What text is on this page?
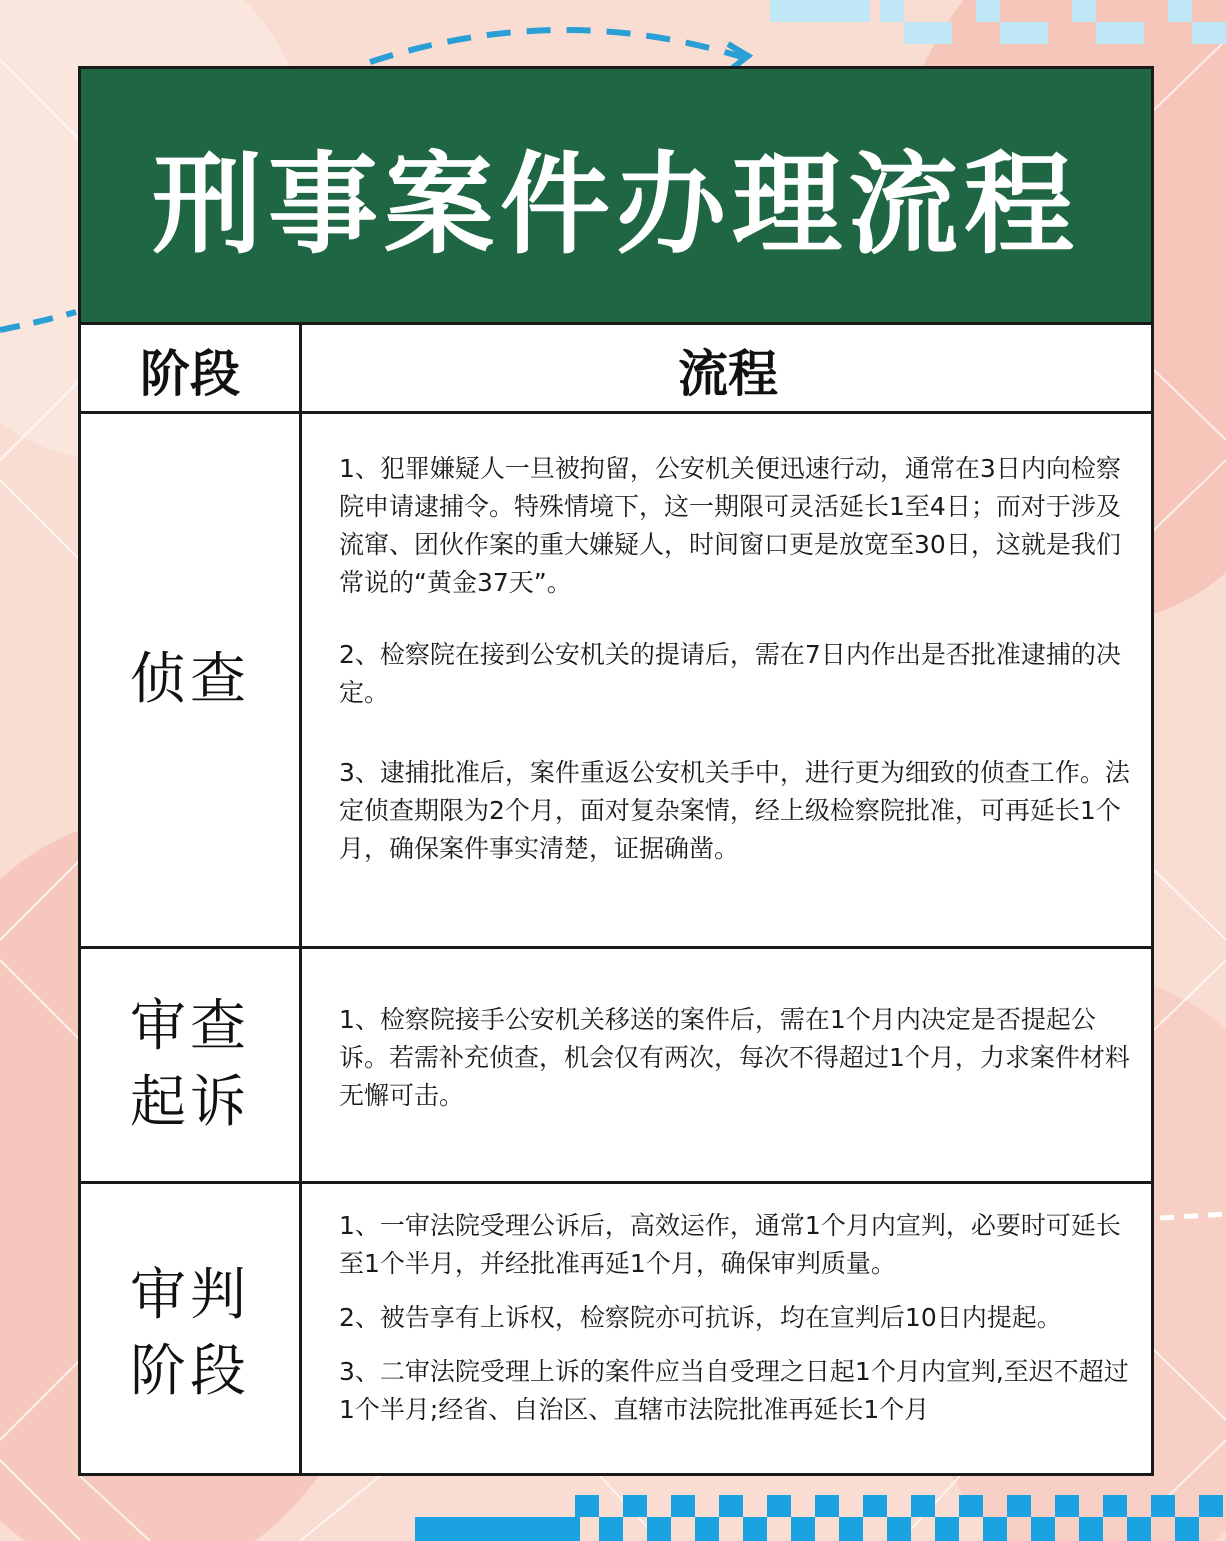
刑事案件办理流程
阶段	流程
侦查

1、犯罪嫌疑人一旦被拘留，公安机关便迅速行动，通常在3日内向检察院申请逮捕令。特殊情境下，这一期限可灵活延长1至4日；而对于涉及流窜、团伙作案的重大嫌疑人，时间窗口更是放宽至30日，这就是我们常说的“黄金37天”。

2、检察院在接到公安机关的提请后，需在7日内作出是否批准逮捕的决定。

3、逮捕批准后，案件重返公安机关手中，进行更为细致的侦查工作。法定侦查期限为2个月，面对复杂案情，经上级检察院批准，可再延长1个月，确保案件事实清楚，证据确凿。

审查
起诉

1、检察院接手公安机关移送的案件后，需在1个月内决定是否提起公诉。若需补充侦查，机会仅有两次，每次不得超过1个月，力求案件材料无懈可击。

审判
阶段

1、一审法院受理公诉后，高效运作，通常1个月内宣判，必要时可延长至1个半月，并经批准再延1个月，确保审判质量。

2、被告享有上诉权，检察院亦可抗诉，均在宣判后10日内提起。

3、二审法院受理上诉的案件应当自受理之日起1个月内宣判,至迟不超过1个半月;经省、自治区、直辖市法院批准再延长1个月
